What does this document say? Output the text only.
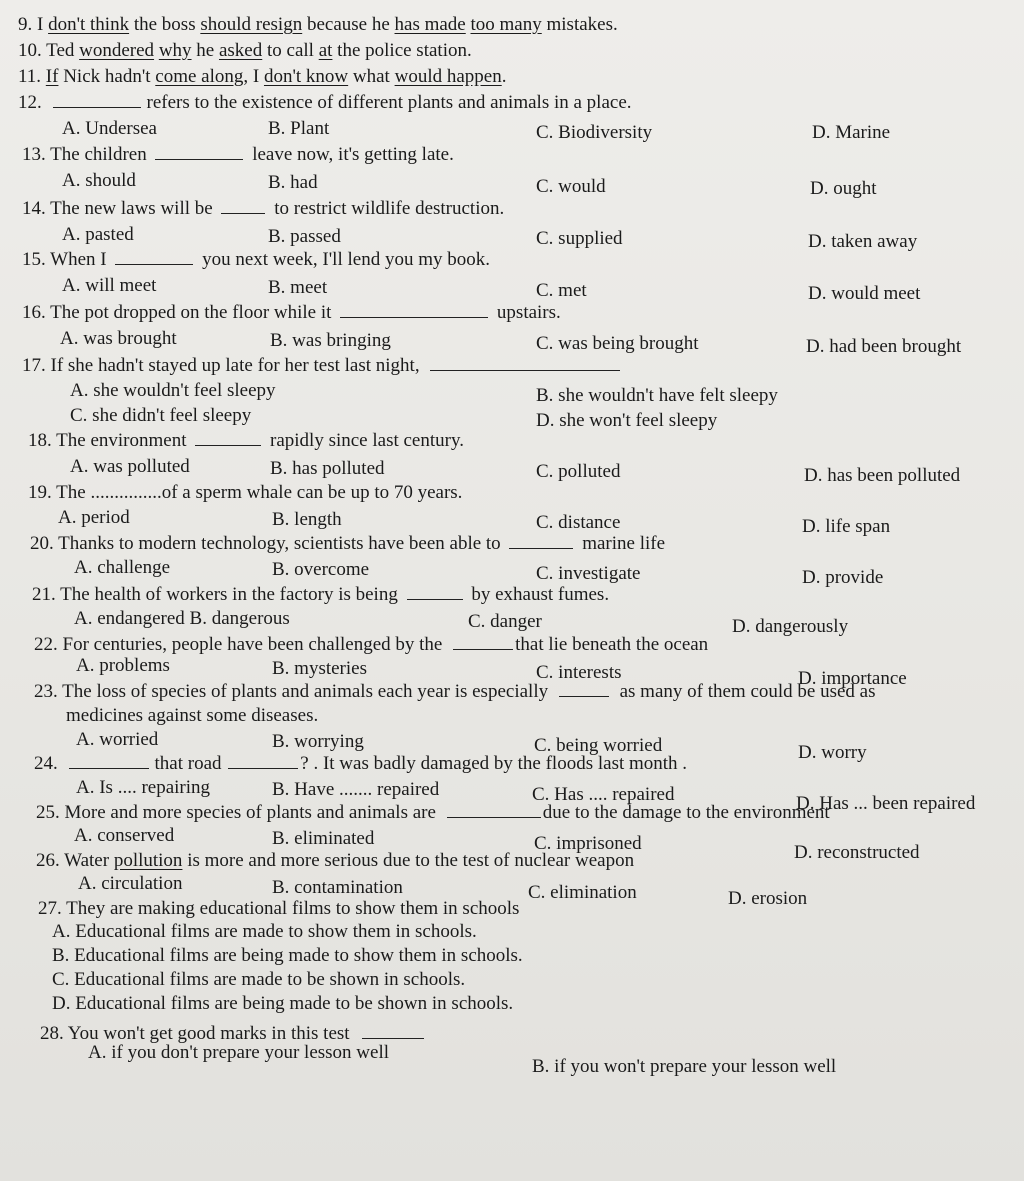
9. I don't think the boss should resign because he has made too many mistakes.
10. Ted wondered why he asked to call at the police station.
11. If Nick hadn't come along, I don't know what would happen.
12.	refers to the existence of different plants and animals in a place.
A. Undersea	B. Plant	C. Biodiversity	D. Marine
13. The children	leave now, it's getting late.
A. should	B. had	C. would	D. ought
14. The new laws will be	to restrict wildlife destruction.
A. pasted	B. passed	C. supplied	D. taken away
15. When I	you next week, I'll lend you my book.
A. will meet	B. meet	C. met	D. would meet
16. The pot dropped on the floor while it	upstairs.
A. was brought	B. was bringing	C. was being brought	D. had been brought
17. If she hadn't stayed up late for her test last night,
A. she wouldn't feel sleepy	B. she wouldn't have felt sleepy
C. she didn't feel sleepy	D. she won't feel sleepy
18. The environment	rapidly since last century.
A. was polluted	B. has polluted	C. polluted	D. has been polluted
19. The ...............of a sperm whale can be up to 70 years.
A. period	B. length	C. distance	D. life span
20. Thanks to modern technology, scientists have been able to	marine life
A. challenge	B. overcome	C. investigate	D. provide
21. The health of workers in the factory is being	by exhaust fumes.
A. endangered B. dangerous	C. danger	D. dangerously
22. For centuries, people have been challenged by the	that lie beneath the ocean
A. problems	B. mysteries	C. interests	D. importance
23. The loss of species of plants and animals each year is especially	as many of them could be used as
medicines against some diseases.
A. worried	B. worrying	C. being worried	D. worry
24.	that road	? . It was badly damaged by the floods last month .
A. Is .... repairing	B. Have ....... repaired	C. Has .... repaired	D. Has ... been repaired
25. More and more species of plants and animals are	due to the damage to the environment
A. conserved	B. eliminated	C. imprisoned	D. reconstructed
26. Water pollution is more and more serious due to the test of nuclear weapon
A. circulation	B. contamination	C. elimination	D. erosion
27. They are making educational films to show them in schools
A. Educational films are made to show them in schools.
B. Educational films are being made to show them in schools.
C. Educational films are made to be shown in schools.
D. Educational films are being made to be shown in schools.
28. You won't get good marks in this test
A. if you don't prepare your lesson well
B. if you won't prepare your lesson well
